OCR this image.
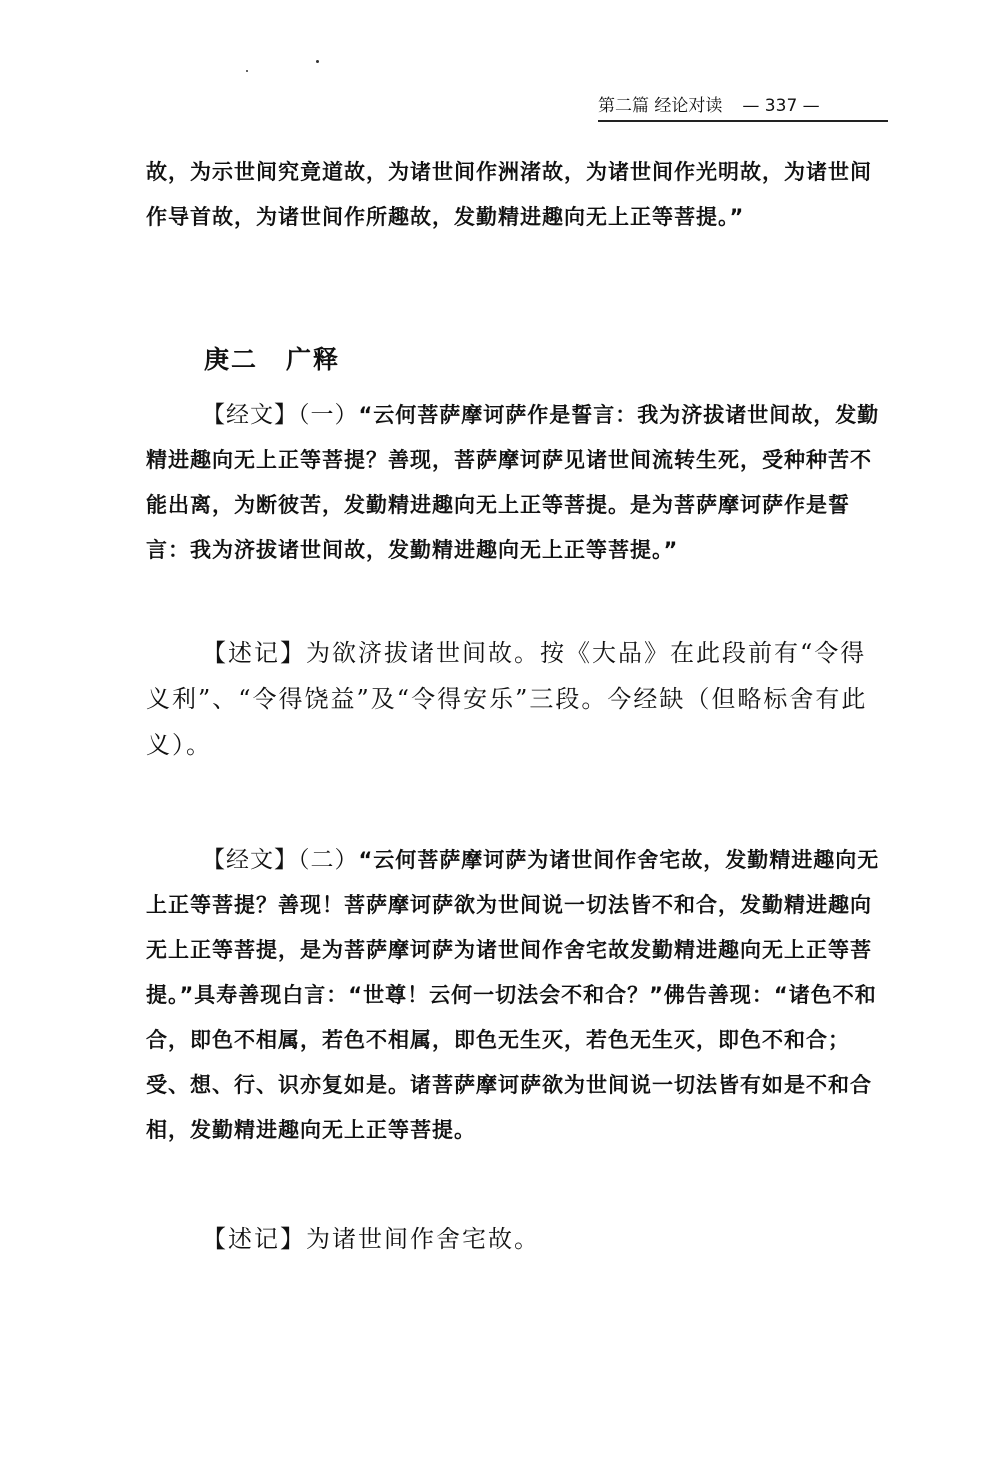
第二篇 经论对读 — 337 —

故，为示世间究竟道故，为诸世间作洲渚故，为诸世间作光明故，为诸世间作导首故，为诸世间作所趣故，发勤精进趣向无上正等菩提。”

庚二 广释

【经文】（一）“云何菩萨摩诃萨作是誓言：我为济拔诸世间故，发勤精进趣向无上正等菩提？善现，菩萨摩诃萨见诸世间流转生死，受种种苦不能出离，为断彼苦，发勤精进趣向无上正等菩提。是为菩萨摩诃萨作是誓言：我为济拔诸世间故，发勤精进趣向无上正等菩提。”

【述记】为欲济拔诸世间故。按《大品》在此段前有“令得义利”、“令得饶益”及“令得安乐”三段。今经缺（但略标舍有此义）。

【经文】（二）“云何菩萨摩诃萨为诸世间作舍宅故，发勤精进趣向无上正等菩提？善现！菩萨摩诃萨欲为世间说一切法皆不和合，发勤精进趣向无上正等菩提，是为菩萨摩诃萨为诸世间作舍宅故发勤精进趣向无上正等菩提。”具寿善现白言：“世尊！云何一切法会不和合？”佛告善现：“诸色不和合，即色不相属，若色不相属，即色无生灭，若色无生灭，即色不和合；受、想、行、识亦复如是。诸菩萨摩诃萨欲为世间说一切法皆有如是不和合相，发勤精进趣向无上正等菩提。

【述记】为诸世间作舍宅故。
